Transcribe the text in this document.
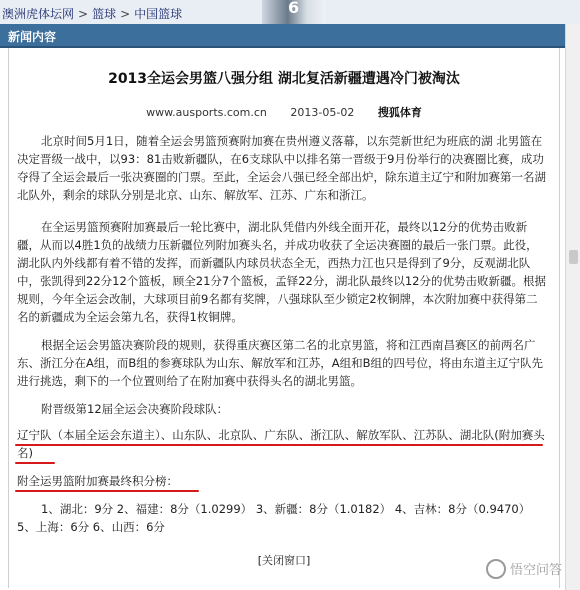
澳洲虎体坛网 > 篮球 > 中国篮球	6
新闻内容
2013全运会男篮八强分组 湖北复活新疆遭遇冷门被淘汰
www.ausports.com.cn 2013-05-02 搜狐体育

北京时间5月1日，随着全运会男篮预赛附加赛在贵州遵义落幕，以东莞新世纪为班底的湖 北男篮在决定晋级一战中，以93：81击败新疆队，在6支球队中以排名第一晋级于9月份举行的决赛圈比赛，成功夺得了全运会最后一张决赛圈的门票。至此，全运会八强已经全部出炉，除东道主辽宁和附加赛第一名湖北队外，剩余的球队分别是北京、山东、解放军、江苏、广东和浙江。

在全运男篮预赛附加赛最后一轮比赛中，湖北队凭借内外线全面开花，最终以12分的优势击败新疆，从而以4胜1负的战绩力压新疆位列附加赛头名，并成功收获了全运决赛圈的最后一张门票。此役，湖北队内外线都有着不错的发挥，而新疆队内球员状态全无，西热力江也只是得到了9分，反观湖北队中，张凯得到22分12个篮板，顾全21分7个篮板，孟铎22分，湖北队最终以12分的优势击败新疆。根据规则，今年全运会改制，大球项目前9名都有奖牌，八强球队至少锁定2枚铜牌，本次附加赛中获得第二名的新疆成为全运会第九名，获得1枚铜牌。

根据全运会男篮决赛阶段的规则，获得重庆赛区第二名的北京男篮，将和江西南昌赛区的前两名广东、浙江分在A组，而B组的参赛球队为山东、解放军和江苏，A组和B组的四号位，将由东道主辽宁队先进行挑选，剩下的一个位置则给了在附加赛中获得头名的湖北男篮。

附晋级第12届全运会决赛阶段球队：

辽宁队（本届全运会东道主）、山东队、北京队、广东队、浙江队、解放军队、江苏队、湖北队(附加赛头名)

附全运男篮附加赛最终积分榜：

1、湖北：9分 2、福建：8分（1.0299） 3、新疆：8分（1.0182） 4、吉林：8分（0.9470） 5、上海：6分 6、山西：6分

[关闭窗口]
悟空问答
